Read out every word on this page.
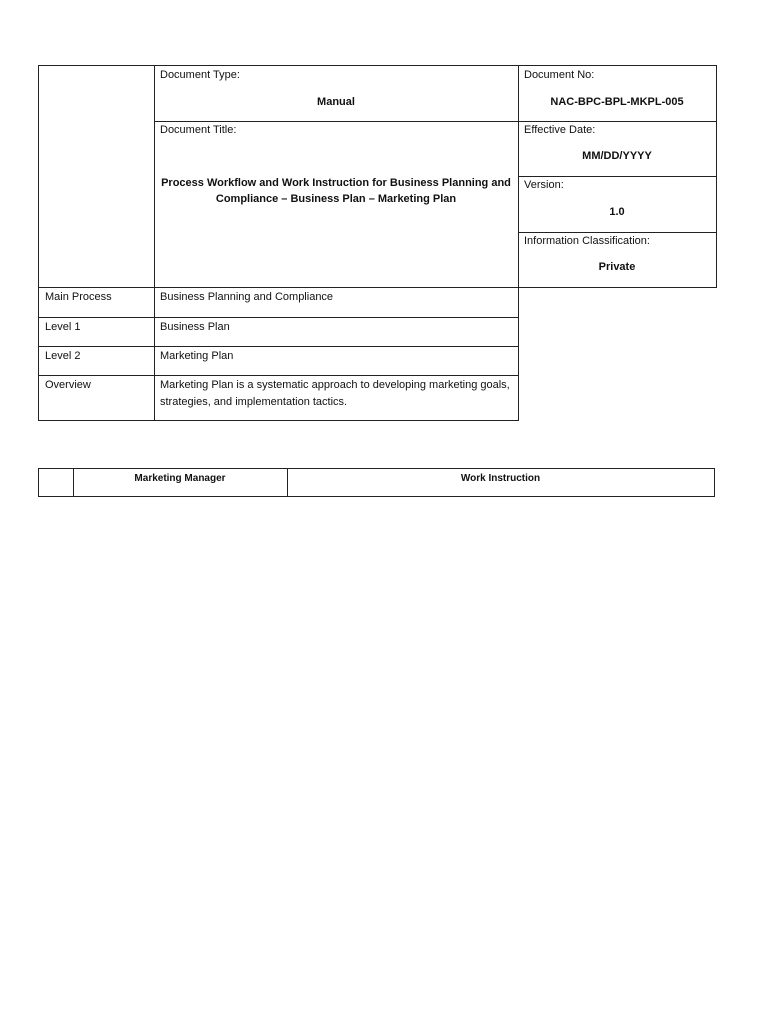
Document Type:
Manual
Document No:
NAC-BPC-BPL-MKPL-005
Document Title:
Process Workflow and Work Instruction for Business Planning and Compliance – Business Plan – Marketing Plan
Effective Date:
MM/DD/YYYY
Version:
1.0
Information Classification:
Private
Main Process	Business Planning and Compliance
Level 1	Business Plan
Level 2	Marketing Plan
Overview	Marketing Plan is a systematic approach to developing marketing goals, strategies, and implementation tactics.
Marketing Manager	Work Instruction
